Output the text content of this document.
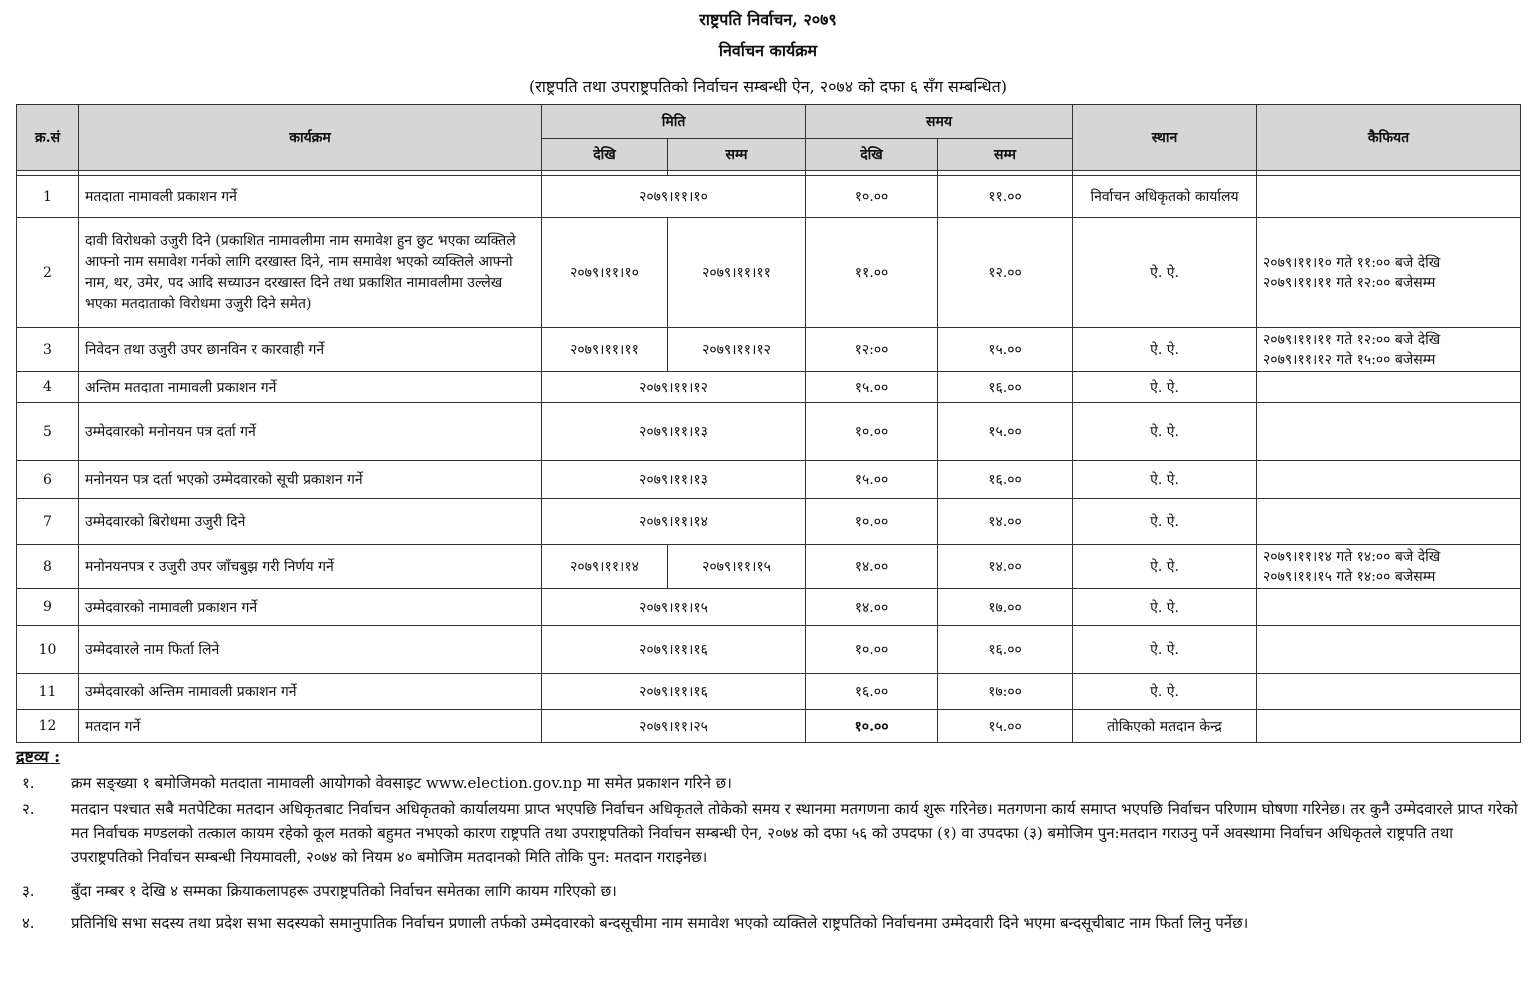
राष्ट्रपति निर्वाचन, २०७९
निर्वाचन कार्यक्रम
(राष्ट्रपति तथा उपराष्ट्रपतिको निर्वाचन सम्बन्धी ऐन, २०७४ को दफा ६ सँग सम्बन्धित)
क्र.सं	कार्यक्रम	मिति		समय		स्थान	कैफियत
		देखि	सम्म	देखि	सम्म		

1	मतदाता नामावली प्रकाशन गर्ने	२०७९।११।१०		१०.००	११.००	निर्वाचन अधिकृतको कार्यालय	
2	दावी विरोधको उजुरी दिने (प्रकाशित नामावलीमा नाम समावेश हुन छुट भएका व्यक्तिले आफ्नो नाम समावेश गर्नको लागि दरखास्त दिने, नाम समावेश भएको व्यक्तिले आफ्नो नाम, थर, उमेर, पद आदि सच्याउन दरखास्त दिने तथा प्रकाशित नामावलीमा उल्लेख भएका मतदाताको विरोधमा उजुरी दिने समेत)	२०७९।११।१०	२०७९।११।११	११.००	१२.००	ऐ. ऐ.	२०७९।११।१० गते ११:०० बजे देखि
२०७९।११।११ गते १२:०० बजेसम्म

3	निवेदन तथा उजुरी उपर छानविन र कारवाही गर्ने	२०७९।११।११	२०७९।११।१२	१२:००	१५.००	ऐ. ऐ.	२०७९।११।११ गते १२:०० बजे देखि
२०७९।११।१२ गते १५:०० बजेसम्म

4	अन्तिम मतदाता नामावली प्रकाशन गर्ने	२०७९।११।१२		१५.००	१६.००	ऐ. ऐ.	
5	उम्मेदवारको मनोनयन पत्र दर्ता गर्ने	२०७९।११।१३		१०.००	१५.००	ऐ. ऐ.	
6	मनोनयन पत्र दर्ता भएको उम्मेदवारको सूची प्रकाशन गर्ने	२०७९।११।१३		१५.००	१६.००	ऐ. ऐ.	
7	उम्मेदवारको बिरोधमा उजुरी दिने	२०७९।११।१४		१०.००	१४.००	ऐ. ऐ.	
8	मनोनयनपत्र र उजुरी उपर जाँचबुझ गरी निर्णय गर्ने	२०७९।११।१४	२०७९।११।१५	१४.००	१४.००	ऐ. ऐ.	२०७९।११।१४ गते १४:०० बजे देखि
२०७९।११।१५ गते १४:०० बजेसम्म

9	उम्मेदवारको नामावली प्रकाशन गर्ने	२०७९।११।१५		१४.००	१७.००	ऐ. ऐ.	
10	उम्मेदवारले नाम फिर्ता लिने	२०७९।११।१६		१०.००	१६.००	ऐ. ऐ.	
11	उम्मेदवारको अन्तिम नामावली प्रकाशन गर्ने	२०७९।११।१६		१६.००	१७:००	ऐ. ऐ.	
12	मतदान गर्ने	२०७९।११।२५		१०.००	१५.००	तोकिएको मतदान केन्द्र	
द्रष्टव्य :
१. क्रम सङ्ख्या १ बमोजिमको मतदाता नामावली आयोगको वेवसाइट www.election.gov.np मा समेत प्रकाशन गरिने छ।
२. मतदान पश्चात सबै मतपेटिका मतदान अधिकृतबाट निर्वाचन अधिकृतको कार्यालयमा प्राप्त भएपछि निर्वाचन अधिकृतले तोकेको समय र स्थानमा मतगणना कार्य शुरू गरिनेछ। मतगणना कार्य समाप्त भएपछि निर्वाचन परिणाम घोषणा गरिनेछ। तर कुनै उम्मेदवारले प्राप्त गरेको मत निर्वाचक मण्डलको तत्काल कायम रहेको कूल मतको बहुमत नभएको कारण राष्ट्रपति तथा उपराष्ट्रपतिको निर्वाचन सम्बन्धी ऐन, २०७४ को दफा ५६ को उपदफा (१) वा उपदफा (३) बमोजिम पुन:मतदान गराउनु पर्ने अवस्थामा निर्वाचन अधिकृतले राष्ट्रपति तथा उपराष्ट्रपतिको निर्वाचन सम्बन्धी नियमावली, २०७४ को नियम ४० बमोजिम मतदानको मिति तोकि पुन: मतदान गराइनेछ।
३. बुँदा नम्बर १ देखि ४ सम्मका क्रियाकलापहरू उपराष्ट्रपतिको निर्वाचन समेतका लागि कायम गरिएको छ।
४. प्रतिनिधि सभा सदस्य तथा प्रदेश सभा सदस्यको समानुपातिक निर्वाचन प्रणाली तर्फको उम्मेदवारको बन्दसूचीमा नाम समावेश भएको व्यक्तिले राष्ट्रपतिको निर्वाचनमा उम्मेदवारी दिने भएमा बन्दसूचीबाट नाम फिर्ता लिनु पर्नेछ।
